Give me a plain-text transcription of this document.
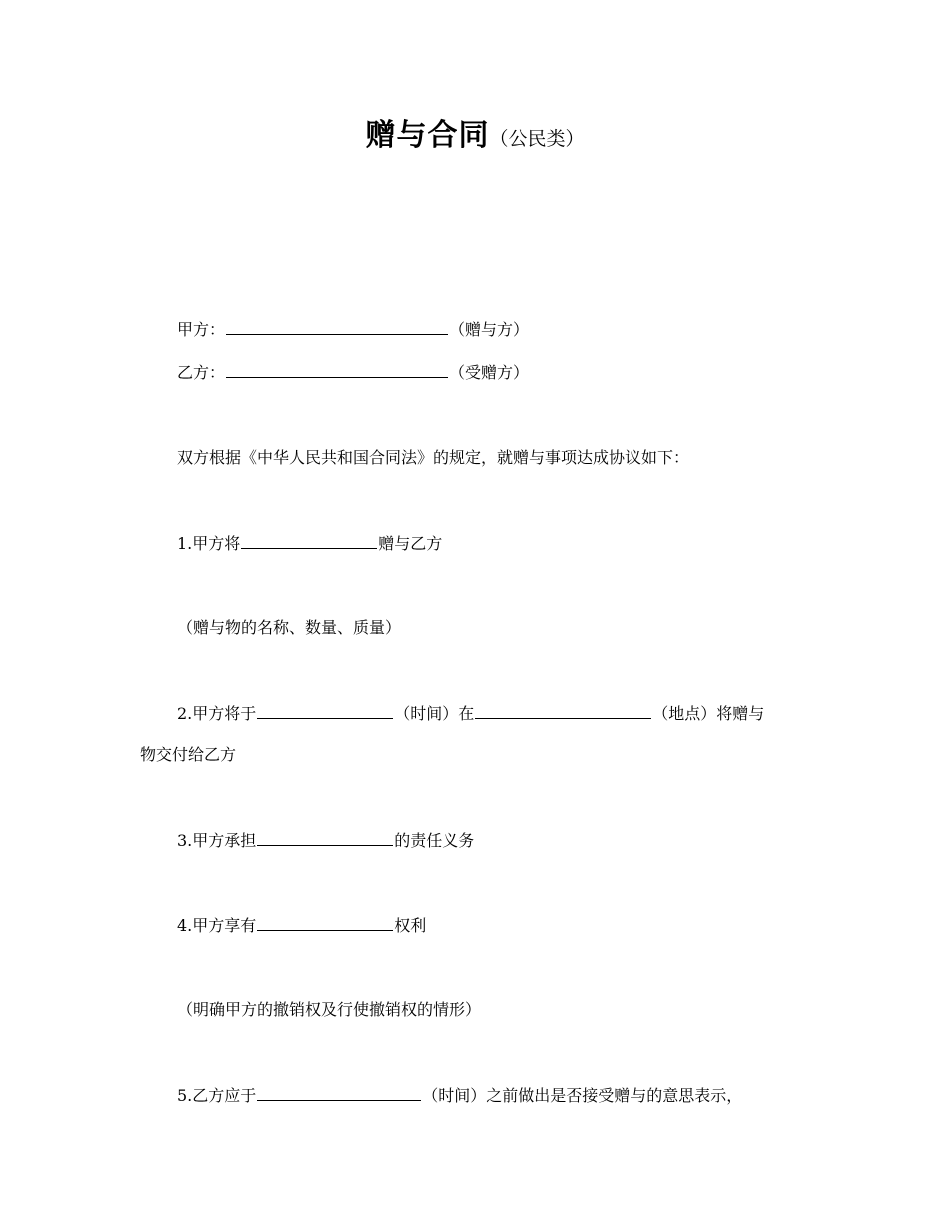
赠与合同（公民类）
甲方：	（赠与方）
乙方：	（受赠方）
双方根据《中华人民共和国合同法》的规定，就赠与事项达成协议如下：
1.甲方将	赠与乙方
（赠与物的名称、数量、质量）
2.甲方将于	（时间）在	（地点）将赠与
物交付给乙方
3.甲方承担	的责任义务
4.甲方享有	权利
（明确甲方的撤销权及行使撤销权的情形）
5.乙方应于	（时间）之前做出是否接受赠与的意思表示，
